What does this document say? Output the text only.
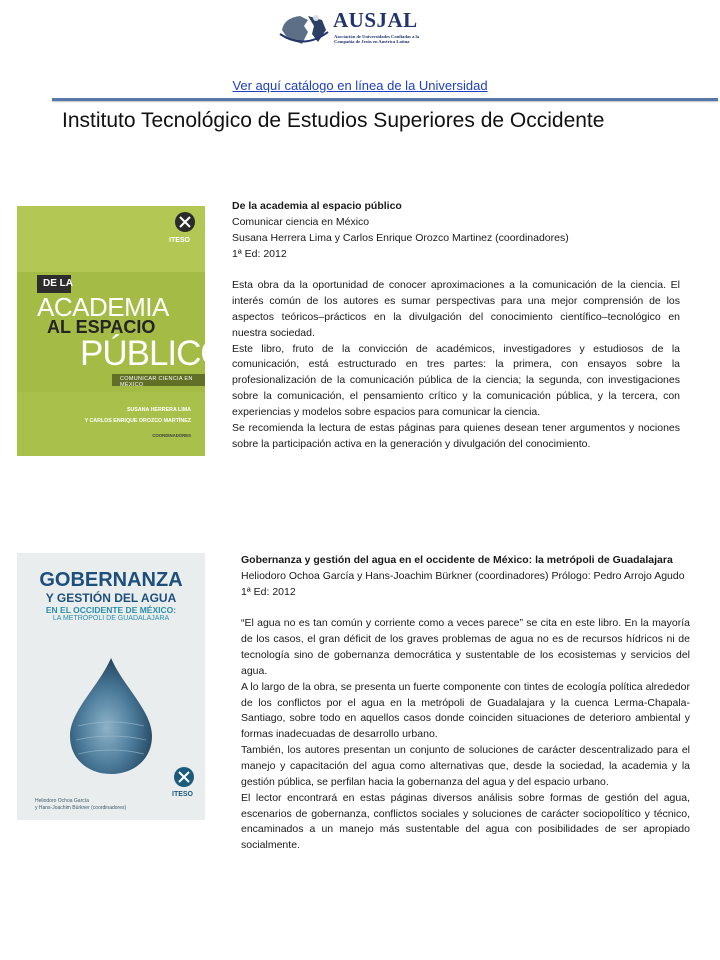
AUSJAL
Asociación de Universidades Confiadas a la Compañía de Jesús en América Latina
Ver aquí catálogo en línea de la Universidad
Instituto Tecnológico de Estudios Superiores de Occidente
ITESO
DE LA
ACADEMIA
AL ESPACIO
PÚBLICO
COMUNICAR CIENCIA EN MÉXICO
SUSANA HERRERA LIMA
Y CARLOS ENRIQUE OROZCO MARTÍNEZ
COORDINADORES

De la academia al espacio público

Comunicar ciencia en México

Susana Herrera Lima y Carlos Enrique Orozco Martinez (coordinadores)

1ª Ed: 2012

Esta obra da la oportunidad de conocer aproximaciones a la comunicación de la ciencia. El interés común de los autores es sumar perspectivas para una mejor comprensión de los aspectos teóricos–prácticos en la divulgación del conocimiento científico–tecnológico en nuestra sociedad.

Este libro, fruto de la convicción de académicos, investigadores y estudiosos de la comunicación, está estructurado en tres partes: la primera, con ensayos sobre la profesionalización de la comunicación pública de la ciencia; la segunda, con investigaciones sobre la comunicación, el pensamiento crítico y la comunicación pública, y la tercera, con experiencias y modelos sobre espacios para comunicar la ciencia.

Se recomienda la lectura de estas páginas para quienes desean tener argumentos y nociones sobre la participación activa en la generación y divulgación del conocimiento.

GOBERNANZA
Y GESTIÓN DEL AGUA
EN EL OCCIDENTE DE MÉXICO:
LA METRÓPOLI DE GUADALAJARA
ITESO
Heliodoro Ochoa García
y Hans-Joachim Bürkner (coordinadores)

Gobernanza y gestión del agua en el occidente de México: la metrópoli de Guadalajara

Heliodoro Ochoa García y Hans-Joachim Bürkner (coordinadores) Prólogo: Pedro Arrojo Agudo

1ª Ed: 2012

“El agua no es tan común y corriente como a veces parece” se cita en este libro. En la mayoría de los casos, el gran déficit de los graves problemas de agua no es de recursos hídricos ni de tecnología sino de gobernanza democrática y sustentable de los ecosistemas y servicios del agua.

A lo largo de la obra, se presenta un fuerte componente con tintes de ecología política alrededor de los conflictos por el agua en la metrópoli de Guadalajara y la cuenca Lerma-Chapala-Santiago, sobre todo en aquellos casos donde coinciden situaciones de deterioro ambiental y formas inadecuadas de desarrollo urbano.

También, los autores presentan un conjunto de soluciones de carácter descentralizado para el manejo y capacitación del agua como alternativas que, desde la sociedad, la academia y la gestión pública, se perfilan hacia la gobernanza del agua y del espacio urbano.

El lector encontrará en estas páginas diversos análisis sobre formas de gestión del agua, escenarios de gobernanza, conflictos sociales y soluciones de carácter sociopolítico y técnico, encaminados a un manejo más sustentable del agua con posibilidades de ser apropiado socialmente.
